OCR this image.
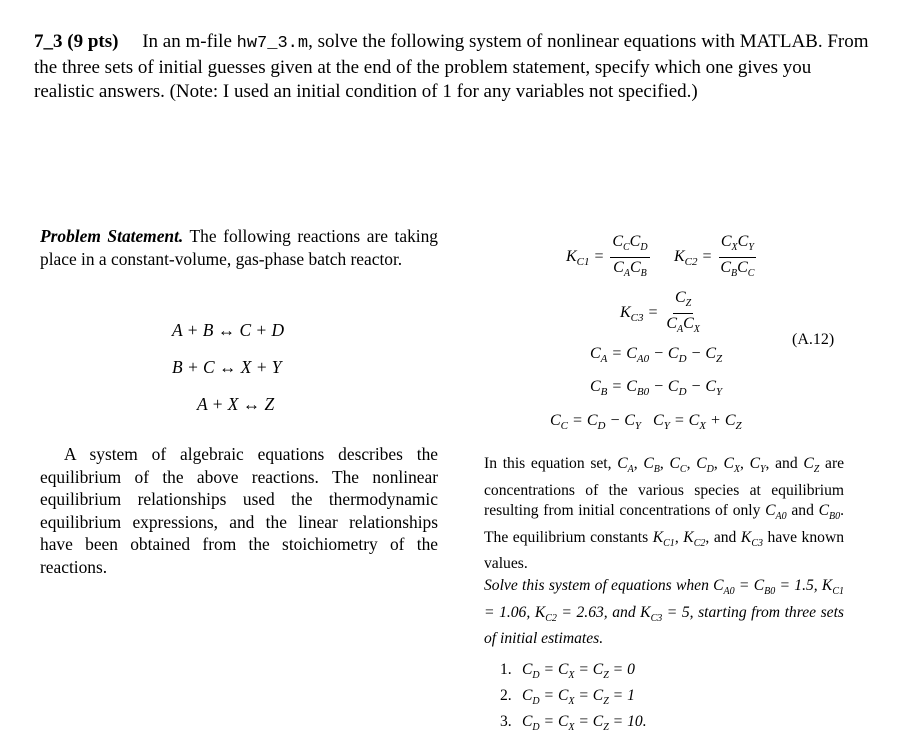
7_3 (9 pts) In an m-file hw7_3.m, solve the following system of nonlinear equations with MATLAB. From the three sets of initial guesses given at the end of the problem statement, specify which one gives you realistic answers. (Note: I used an initial condition of 1 for any variables not specified.)
Problem Statement. The following reactions are taking place in a constant-volume, gas-phase batch reactor.
A + B ↔ C + D
B + C ↔ X + Y
A + X ↔ Z
$K_{C1} = \frac{C_CC_D}{C_AC_B} K_{C2} = \frac{C_XC_Y}{C_BC_C}$
$K_{C3} = \frac{C_Z}{C_AC_X}$
$C_A = C_{A0} - C_D - C_Z$
$C_B = C_{B0} - C_D - C_Y$
$C_C = C_D - C_Y$   $C_Y = C_X + C_Z$
(A.12)
A system of algebraic equations describes the equilibrium of the above reactions. The nonlinear equilibrium relationships used the thermodynamic equilibrium expressions, and the linear relationships have been obtained from the stoichiometry of the reactions.
In this equation set, $C_A$, $C_B$, $C_C$, $C_D$, $C_X$, $C_Y$, and $C_Z$ are concentrations of the various species at equilibrium resulting from initial concentrations of only $C_{A0}$ and $C_{B0}$. The equilibrium constants $K_{C1}$, $K_{C2}$, and $K_{C3}$ have known values.
Solve this system of equations when $C_{A0} = C_{B0} = 1.5$, $K_{C1} = 1.06$, $K_{C2} = 2.63$, and $K_{C3} = 5$, starting from three sets of initial estimates.
1. $C_D = C_X = C_Z = 0$
2. $C_D = C_X = C_Z = 1$
3. $C_D = C_X = C_Z = 10$.
